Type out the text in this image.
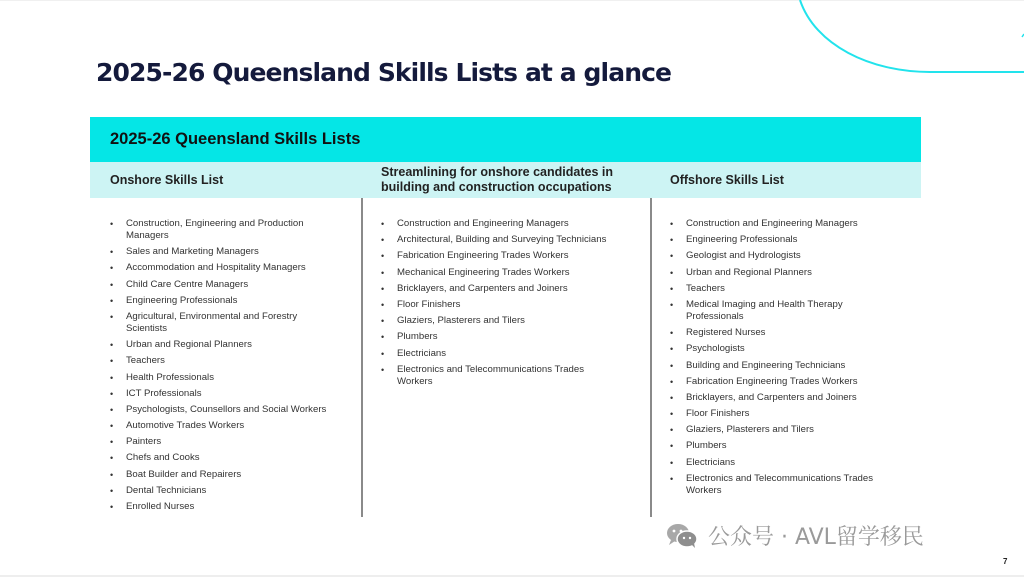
2025-26 Queensland Skills Lists at a glance
2025-26 Queensland Skills Lists
Onshore Skills List
Streamlining for onshore candidates in building and construction occupations	Offshore Skills List
• Construction, Engineering and Production Managers
• Sales and Marketing Managers
• Accommodation and Hospitality Managers
• Child Care Centre Managers
• Engineering Professionals
• Agricultural, Environmental and Forestry Scientists
• Urban and Regional Planners
• Teachers
• Health Professionals
• ICT Professionals
• Psychologists, Counsellors and Social Workers
• Automotive Trades Workers
• Painters
• Chefs and Cooks
• Boat Builder and Repairers
• Dental Technicians
• Enrolled Nurses
• Construction and Engineering Managers
• Architectural, Building and Surveying Technicians
• Fabrication Engineering Trades Workers
• Mechanical Engineering Trades Workers
• Bricklayers, and Carpenters and Joiners
• Floor Finishers
• Glaziers, Plasterers and Tilers
• Plumbers
• Electricians
• Electronics and Telecommunications Trades Workers
• Construction and Engineering Managers
• Engineering Professionals
• Geologist and Hydrologists
• Urban and Regional Planners
• Teachers
• Medical Imaging and Health Therapy Professionals
• Registered Nurses
• Psychologists
• Building and Engineering Technicians
• Fabrication Engineering Trades Workers
• Bricklayers, and Carpenters and Joiners
• Floor Finishers
• Glaziers, Plasterers and Tilers
• Plumbers
• Electricians
• Electronics and Telecommunications Trades Workers
公众号 · AVL留学移民
7
